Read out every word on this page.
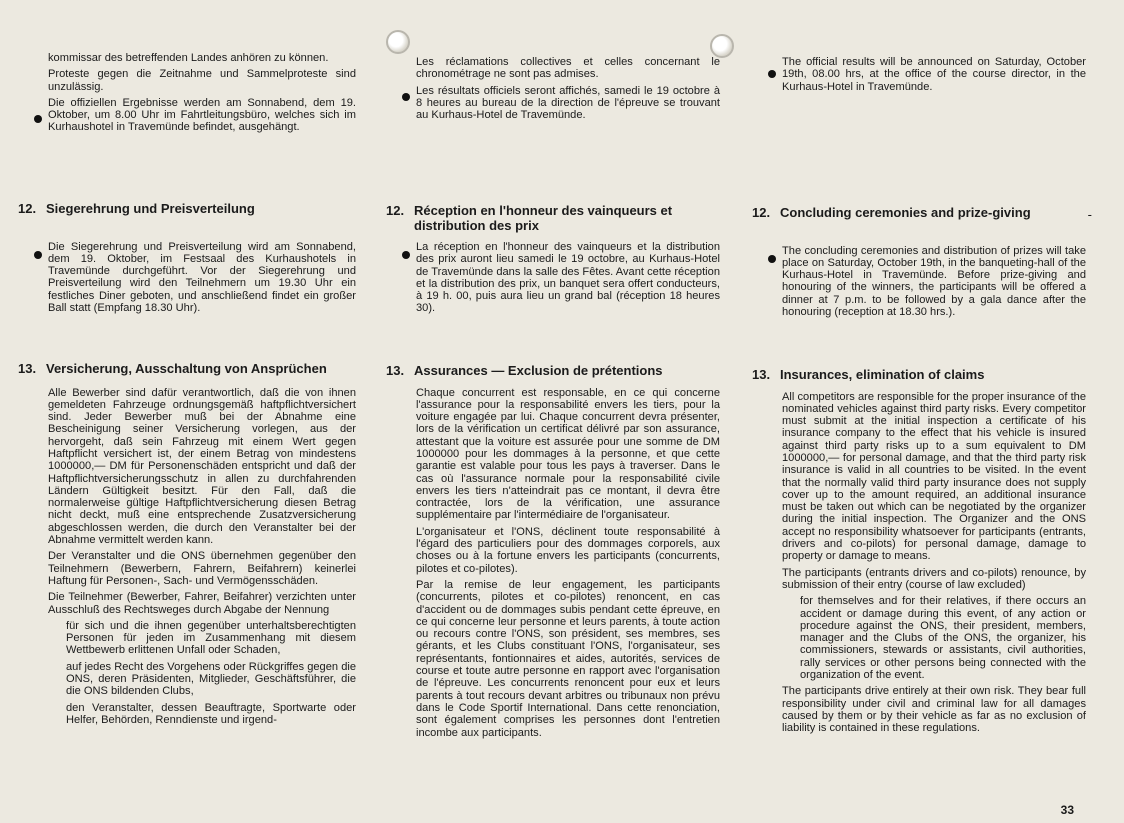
kommissar des betreffenden Landes anhören zu können.

Proteste gegen die Zeitnahme und Sammelproteste sind unzulässig.

Die offiziellen Ergebnisse werden am Sonnabend, dem 19. Oktober, um 8.00 Uhr im Fahrtleitungsbüro, welches sich im Kurhaushotel in Travemünde befindet, ausgehängt.

12. Siegerehrung und Preisverteilung

Die Siegerehrung und Preisverteilung wird am Sonnabend, dem 19. Oktober, im Festsaal des Kurhaushotels in Travemünde durchgeführt. Vor der Siegerehrung und Preisverteilung wird den Teilnehmern um 19.30 Uhr ein festliches Diner geboten, und anschließend findet ein großer Ball statt (Empfang 18.30 Uhr).

13. Versicherung, Ausschaltung von Ansprüchen

Alle Bewerber sind dafür verantwortlich, daß die von ihnen gemeldeten Fahrzeuge ordnungsgemäß haftpflichtversichert sind. Jeder Bewerber muß bei der Abnahme eine Bescheinigung seiner Versicherung vorlegen, aus der hervorgeht, daß sein Fahrzeug mit einem Wert gegen Haftpflicht versichert ist, der einem Betrag von mindestens 1000000,— DM für Personenschäden entspricht und daß der Haftpflichtversicherungsschutz in allen zu durchfahrenden Ländern Gültigkeit besitzt. Für den Fall, daß die normalerweise gültige Haftpflichtversicherung diesen Betrag nicht deckt, muß eine entsprechende Zusatzversicherung abgeschlossen werden, die durch den Veranstalter bei der Abnahme vermittelt werden kann.

Der Veranstalter und die ONS übernehmen gegenüber den Teilnehmern (Bewerbern, Fahrern, Beifahrern) keinerlei Haftung für Personen-, Sach- und Vermögensschäden.

Die Teilnehmer (Bewerber, Fahrer, Beifahrer) verzichten unter Ausschluß des Rechtsweges durch Abgabe der Nennung

für sich und die ihnen gegenüber unterhaltsberechtigten Personen für jeden im Zusammenhang mit diesem Wettbewerb erlittenen Unfall oder Schaden,

auf jedes Recht des Vorgehens oder Rückgriffes gegen die ONS, deren Präsidenten, Mitglieder, Geschäftsführer, die die ONS bildenden Clubs,

den Veranstalter, dessen Beauftragte, Sportwarte oder Helfer, Behörden, Renndienste und irgend-

Les réclamations collectives et celles concernant le chronométrage ne sont pas admises.

Les résultats officiels seront affichés, samedi le 19 octobre à 8 heures au bureau de la direction de l'épreuve se trouvant au Kurhaus-Hotel de Travemünde.

12. Réception en l'honneur des vainqueurs et distribution des prix

La réception en l'honneur des vainqueurs et la distribution des prix auront lieu samedi le 19 octobre, au Kurhaus-Hotel de Travemünde dans la salle des Fêtes. Avant cette réception et la distribution des prix, un banquet sera offert conducteurs, à 19 h. 00, puis aura lieu un grand bal (réception 18 heures 30).

13. Assurances — Exclusion de prétentions

Chaque concurrent est responsable, en ce qui concerne l'assurance pour la responsabilité envers les tiers, pour la voiture engagée par lui. Chaque concurrent devra présenter, lors de la vérification un certificat délivré par son assurance, attestant que la voiture est assurée pour une somme de DM 1000000 pour les dommages à la personne, et que cette garantie est valable pour tous les pays à traverser. Dans le cas où l'assurance normale pour la responsabilité civile envers les tiers n'atteindrait pas ce montant, il devra être contractée, lors de la vérification, une assurance supplémentaire par l'intermédiaire de l'organisateur.

L'organisateur et l'ONS, déclinent toute responsabilité à l'égard des particuliers pour des dommages corporels, aux choses ou à la fortune envers les participants (concurrents, pilotes et co-pilotes).

Par la remise de leur engagement, les participants (concurrents, pilotes et co-pilotes) renoncent, en cas d'accident ou de dommages subis pendant cette épreuve, en ce qui concerne leur personne et leurs parents, à toute action ou recours contre l'ONS, son président, ses membres, ses gérants, et les Clubs constituant l'ONS, l'organisateur, ses représentants, fontionnaires et aides, autorités, services de course et toute autre personne en rapport avec l'organisation de l'épreuve. Les concurrents renoncent pour eux et leurs parents à tout recours devant arbitres ou tribunaux non prévu dans le Code Sportif International. Dans cette renonciation, sont également comprises les personnes dont l'entretien incombe aux participants.

The official results will be announced on Saturday, October 19th, 08.00 hrs, at the office of the course director, in the Kurhaus-Hotel in Travemünde.

12. Concluding ceremonies and prize-giving	-

The concluding ceremonies and distribution of prizes will take place on Saturday, October 19th, in the banqueting-hall of the Kurhaus-Hotel in Travemünde. Before prize-giving and honouring of the winners, the participants will be offered a dinner at 7 p.m. to be followed by a gala dance after the honouring (reception at 18.30 hrs.).

13. Insurances, elimination of claims

All competitors are responsible for the proper insurance of the nominated vehicles against third party risks. Every competitor must submit at the initial inspection a certificate of his insurance company to the effect that his vehicle is insured against third party risks up to a sum equivalent to DM 1000000,— for personal damage, and that the third party risk insurance is valid in all countries to be visited. In the event that the normally valid third party insurance does not supply cover up to the amount required, an additional insurance must be taken out which can be negotiated by the organizer during the initial inspection. The Organizer and the ONS accept no responsibility whatsoever for participants (entrants, drivers and co-pilots) for personal damage, damage to property or damage to means.

The participants (entrants drivers and co-pilots) renounce, by submission of their entry (course of law excluded)

for themselves and for their relatives, if there occurs an accident or damage during this event, of any action or procedure against the ONS, their president, members, manager and the Clubs of the ONS, the organizer, his commissioners, stewards or assistants, civil authorities, rally services or other persons being connected with the organization of the event.

The participants drive entirely at their own risk. They bear full responsibility under civil and criminal law for all damages caused by them or by their vehicle as far as no exclusion of liability is contained in these regulations.

33
